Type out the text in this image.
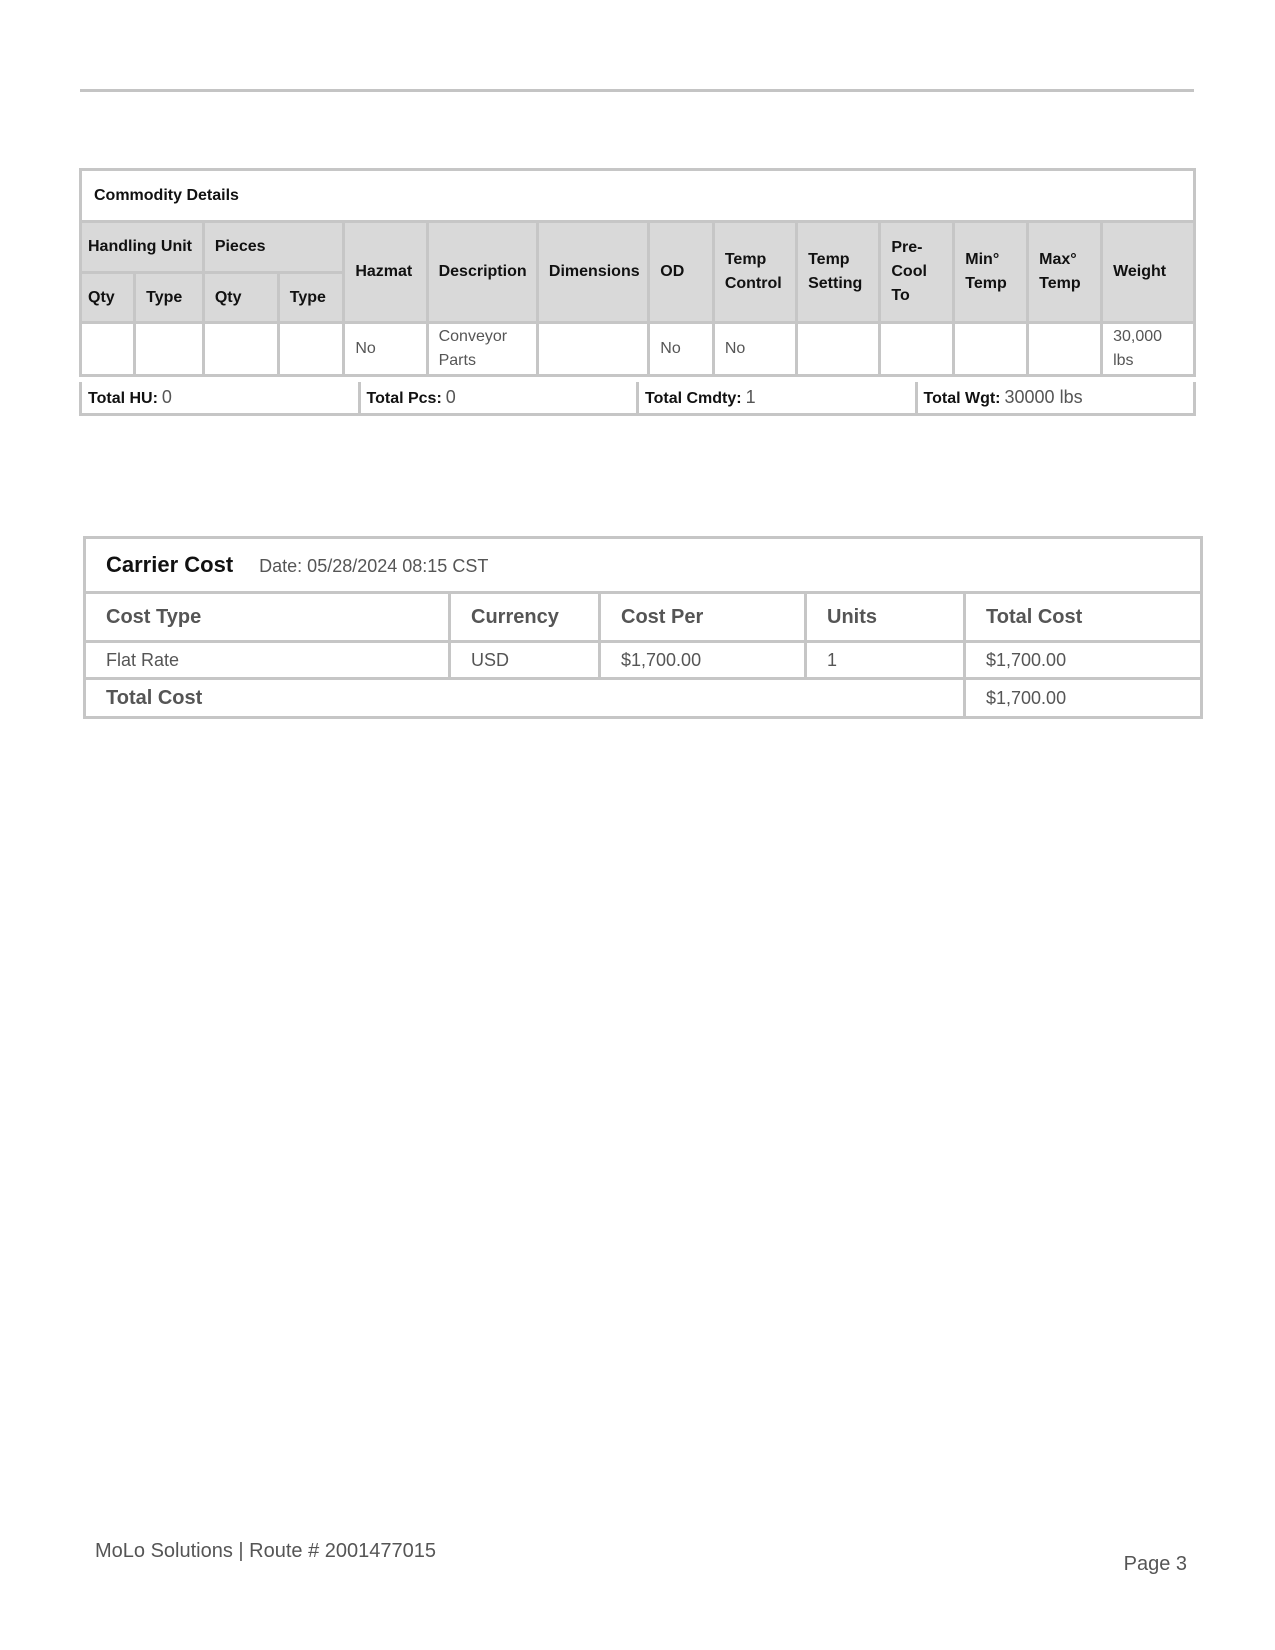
Commodity Details													
Handling Unit		Pieces		Hazmat	Description	Dimensions	OD	Temp Control	Temp Setting	Pre-Cool To	Min° Temp	Max° Temp	Weight
Qty	Type	Qty	Type										
				No	Conveyor Parts		No	No					30,000 lbs
Total HU: 0	Total Pcs: 0	Total Cmdty: 1	Total Wgt: 30000 lbs
Carrier Cost Date: 05/28/2024 08:15 CST				
Cost Type	Currency	Cost Per	Units	Total Cost
Flat Rate	USD	$1,700.00	1	$1,700.00
Total Cost				$1,700.00
MoLo Solutions | Route # 2001477015
Page 3
